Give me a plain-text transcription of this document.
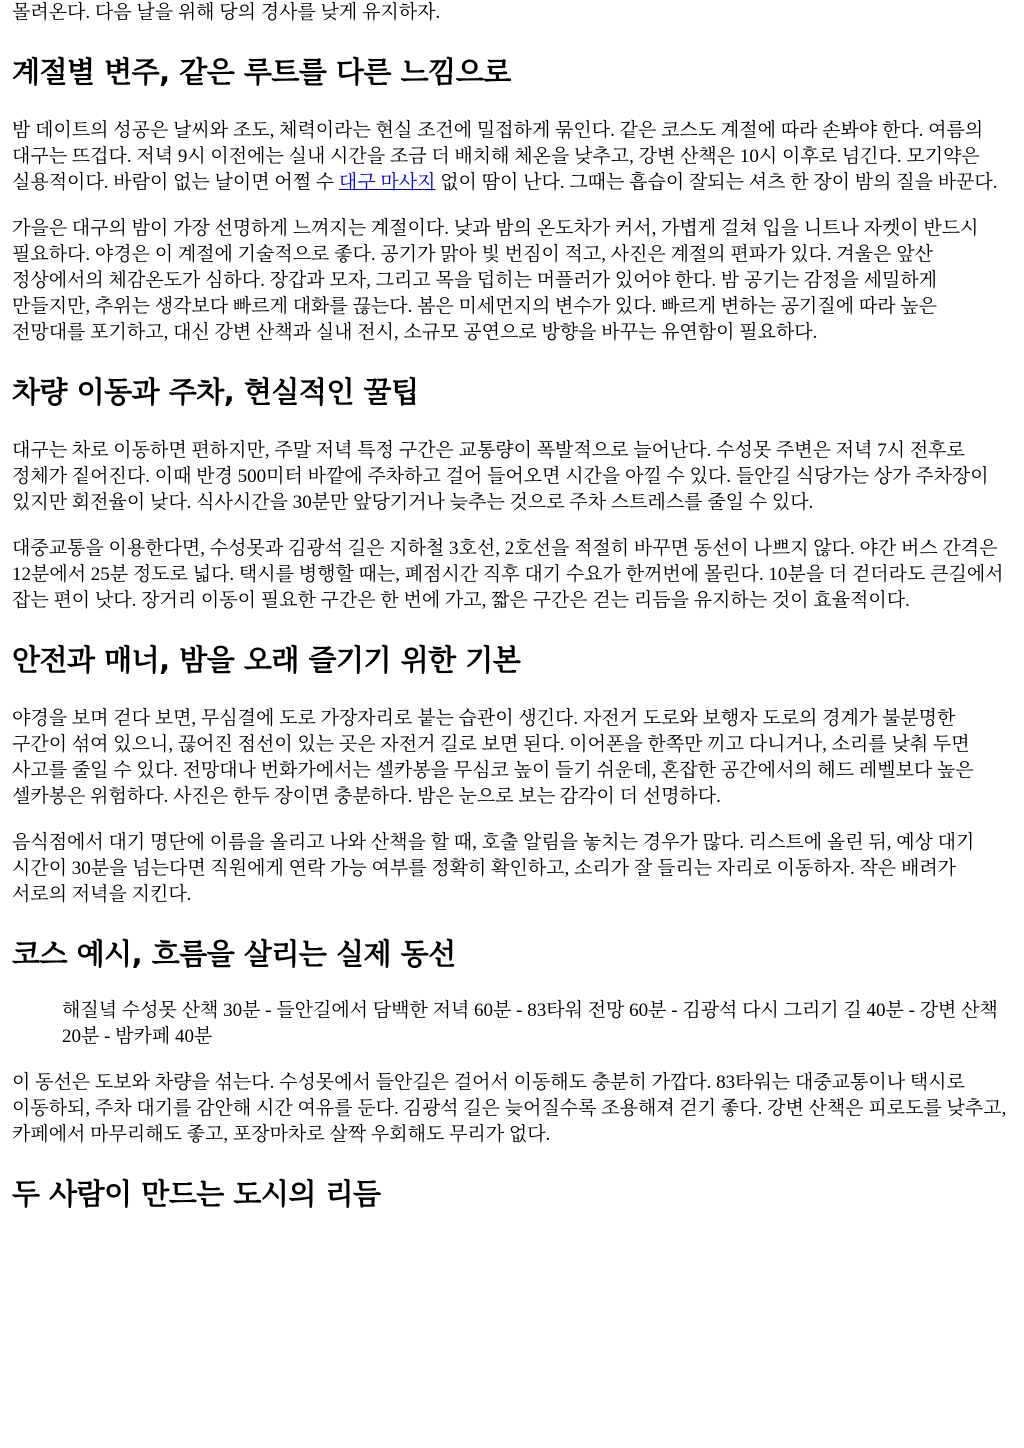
몰려온다. 다음 날을 위해 당의 경사를 낮게 유지하자.

계절별 변주, 같은 루트를 다른 느낌으로

밤 데이트의 성공은 날씨와 조도, 체력이라는 현실 조건에 밀접하게 묶인다. 같은 코스도 계절에 따라 손봐야 한다. 여름의 대구는 뜨겁다. 저녁 9시 이전에는 실내 시간을 조금 더 배치해 체온을 낮추고, 강변 산책은 10시 이후로 넘긴다. 모기약은 실용적이다. 바람이 없는 날이면 어쩔 수 대구 마사지 없이 땀이 난다. 그때는 흡습이 잘되는 셔츠 한 장이 밤의 질을 바꾼다.

가을은 대구의 밤이 가장 선명하게 느껴지는 계절이다. 낮과 밤의 온도차가 커서, 가볍게 걸쳐 입을 니트나 자켓이 반드시 필요하다. 야경은 이 계절에 기술적으로 좋다. 공기가 맑아 빛 번짐이 적고, 사진은 계절의 편파가 있다. 겨울은 앞산 정상에서의 체감온도가 심하다. 장갑과 모자, 그리고 목을 덥히는 머플러가 있어야 한다. 밤 공기는 감정을 세밀하게 만들지만, 추위는 생각보다 빠르게 대화를 끊는다. 봄은 미세먼지의 변수가 있다. 빠르게 변하는 공기질에 따라 높은 전망대를 포기하고, 대신 강변 산책과 실내 전시, 소규모 공연으로 방향을 바꾸는 유연함이 필요하다.

차량 이동과 주차, 현실적인 꿀팁

대구는 차로 이동하면 편하지만, 주말 저녁 특정 구간은 교통량이 폭발적으로 늘어난다. 수성못 주변은 저녁 7시 전후로 정체가 짙어진다. 이때 반경 500미터 바깥에 주차하고 걸어 들어오면 시간을 아낄 수 있다. 들안길 식당가는 상가 주차장이 있지만 회전율이 낮다. 식사시간을 30분만 앞당기거나 늦추는 것으로 주차 스트레스를 줄일 수 있다.

대중교통을 이용한다면, 수성못과 김광석 길은 지하철 3호선, 2호선을 적절히 바꾸면 동선이 나쁘지 않다. 야간 버스 간격은 12분에서 25분 정도로 넓다. 택시를 병행할 때는, 폐점시간 직후 대기 수요가 한꺼번에 몰린다. 10분을 더 걷더라도 큰길에서 잡는 편이 낫다. 장거리 이동이 필요한 구간은 한 번에 가고, 짧은 구간은 걷는 리듬을 유지하는 것이 효율적이다.

안전과 매너, 밤을 오래 즐기기 위한 기본

야경을 보며 걷다 보면, 무심결에 도로 가장자리로 붙는 습관이 생긴다. 자전거 도로와 보행자 도로의 경계가 불분명한 구간이 섞여 있으니, 끊어진 점선이 있는 곳은 자전거 길로 보면 된다. 이어폰을 한쪽만 끼고 다니거나, 소리를 낮춰 두면 사고를 줄일 수 있다. 전망대나 번화가에서는 셀카봉을 무심코 높이 들기 쉬운데, 혼잡한 공간에서의 헤드 레벨보다 높은 셀카봉은 위험하다. 사진은 한두 장이면 충분하다. 밤은 눈으로 보는 감각이 더 선명하다.

음식점에서 대기 명단에 이름을 올리고 나와 산책을 할 때, 호출 알림을 놓치는 경우가 많다. 리스트에 올린 뒤, 예상 대기 시간이 30분을 넘는다면 직원에게 연락 가능 여부를 정확히 확인하고, 소리가 잘 들리는 자리로 이동하자. 작은 배려가 서로의 저녁을 지킨다.

코스 예시, 흐름을 살리는 실제 동선

해질녘 수성못 산책 30분 - 들안길에서 담백한 저녁 60분 - 83타워 전망 60분 - 김광석 다시 그리기 길 40분 - 강변 산책 20분 - 밤카페 40분

이 동선은 도보와 차량을 섞는다. 수성못에서 들안길은 걸어서 이동해도 충분히 가깝다. 83타워는 대중교통이나 택시로 이동하되, 주차 대기를 감안해 시간 여유를 둔다. 김광석 길은 늦어질수록 조용해져 걷기 좋다. 강변 산책은 피로도를 낮추고, 카페에서 마무리해도 좋고, 포장마차로 살짝 우회해도 무리가 없다.

두 사람이 만드는 도시의 리듬
